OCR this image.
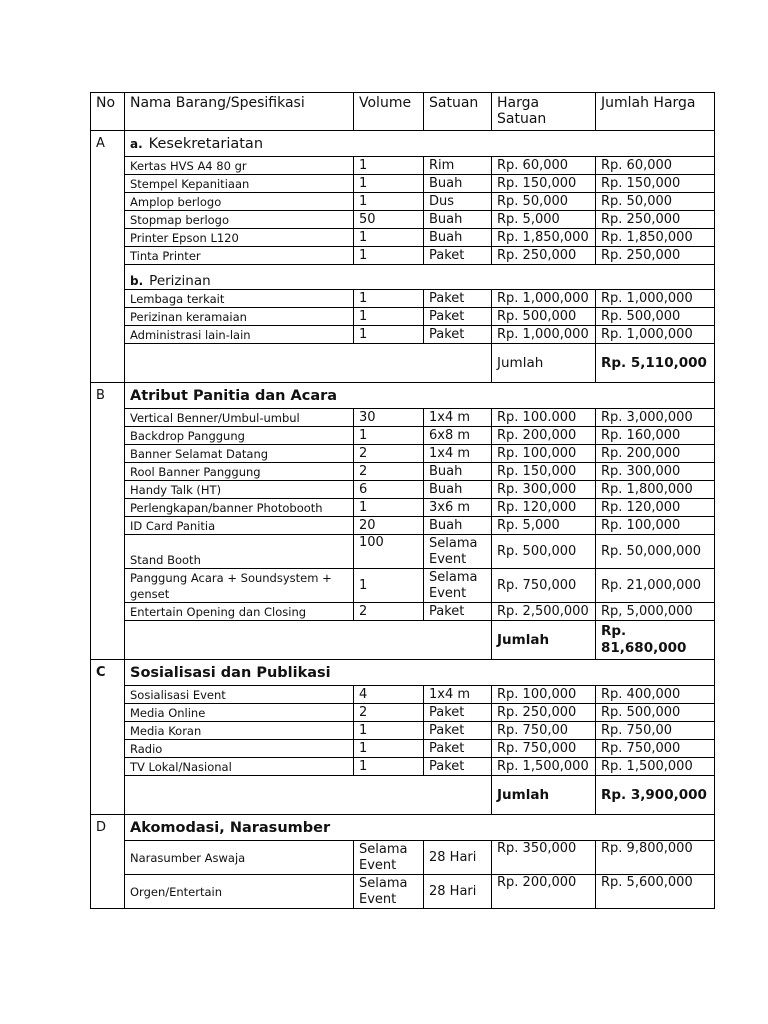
No	Nama Barang/Spesifikasi	Volume	Satuan	Harga Satuan	Jumlah Harga
A	a. Kesekretariatan				
	Kertas HVS A4 80 gr	1	Rim	Rp. 60,000	Rp. 60,000
	Stempel Kepanitiaan	1	Buah	Rp. 150,000	Rp. 150,000
	Amplop berlogo	1	Dus	Rp. 50,000	Rp. 50,000
	Stopmap berlogo	50	Buah	Rp. 5,000	Rp. 250,000
	Printer Epson L120	1	Buah	Rp. 1,850,000	Rp. 1,850,000
	Tinta Printer	1	Paket	Rp. 250,000	Rp. 250,000
	b. Perizinan				
	Lembaga terkait	1	Paket	Rp. 1,000,000	Rp. 1,000,000
	Perizinan keramaian	1	Paket	Rp. 500,000	Rp. 500,000
	Administrasi lain-lain	1	Paket	Rp. 1,000,000	Rp. 1,000,000
				Jumlah	Rp. 5,110,000
B	Atribut Panitia dan Acara				
	Vertical Benner/Umbul-umbul	30	1x4 m	Rp. 100.000	Rp. 3,000,000
	Backdrop Panggung	1	6x8 m	Rp. 200,000	Rp. 160,000
	Banner Selamat Datang	2	1x4 m	Rp. 100,000	Rp. 200,000
	Rool Banner Panggung	2	Buah	Rp. 150,000	Rp. 300,000
	Handy Talk (HT)	6	Buah	Rp. 300,000	Rp. 1,800,000
	Perlengkapan/banner Photobooth	1	3x6 m	Rp. 120,000	Rp. 120,000
	ID Card Panitia	20	Buah	Rp. 5,000	Rp. 100,000
	Stand Booth	100	Selama Event	Rp. 500,000	Rp. 50,000,000
	Panggung Acara + Soundsystem + genset	1	Selama Event	Rp. 750,000	Rp. 21,000,000
	Entertain Opening dan Closing	2	Paket	Rp. 2,500,000	Rp, 5,000,000
				Jumlah	Rp. 81,680,000

C	Sosialisasi dan Publikasi				
	Sosialisasi Event	4	1x4 m	Rp. 100,000	Rp. 400,000
	Media Online	2	Paket	Rp. 250,000	Rp. 500,000
	Media Koran	1	Paket	Rp. 750,00	Rp. 750,00
	Radio	1	Paket	Rp. 750,000	Rp. 750,000
	TV Lokal/Nasional	1	Paket	Rp. 1,500,000	Rp. 1,500,000
				Jumlah	Rp. 3,900,000
D	Akomodasi, Narasumber				
	Narasumber Aswaja	Selama Event	28 Hari	Rp. 350,000	Rp. 9,800,000
	Orgen/Entertain	Selama Event	28 Hari	Rp. 200,000	Rp. 5,600,000
